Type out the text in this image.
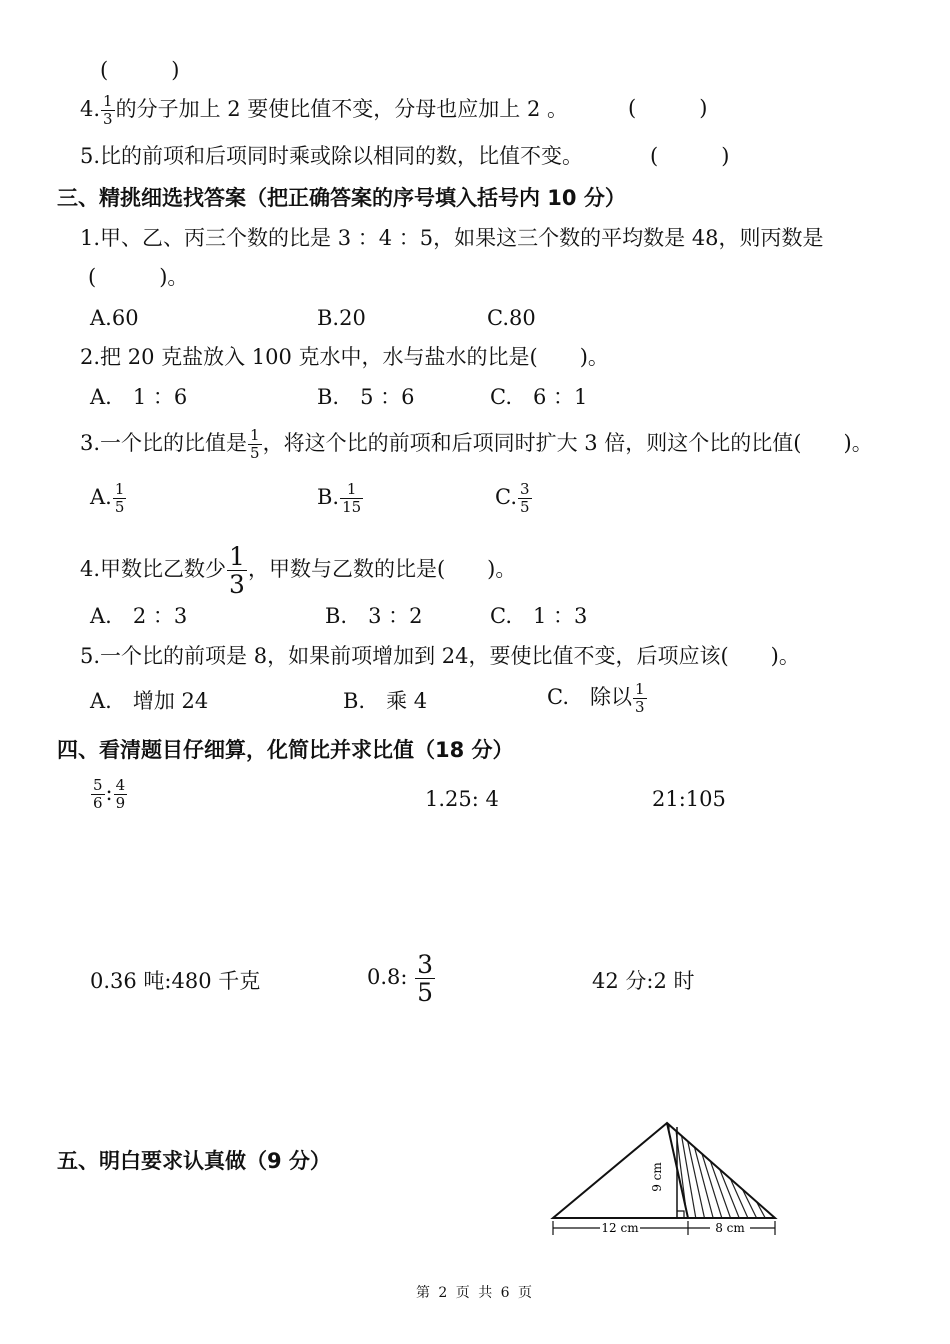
(　　　)
4. $\frac{1}{3}$ 的分子加上 2 要使比值不变，分母也应加上 2 。	(　　　)
5.比的前项和后项同时乘或除以相同的数，比值不变。	(　　　)
三、精挑细选找答案（把正确答案的序号填入括号内 10 分）
1.甲、乙、丙三个数的比是 3 ：4 ：5，如果这三个数的平均数是 48，则丙数是
(　　　)。
A.60	B.20	C.80
2.把 20 克盐放入 100 克水中，水与盐水的比是(　　)。
A.　1 ：6	B.　5 ：6	C.　6 ：1
3.一个比的比值是 $\frac{1}{5}$ ，将这个比的前项和后项同时扩大 3 倍，则这个比的比值(　　)。
A. $\frac{1}{5}$	B. $\frac{1}{15}$	C. $\frac{3}{5}$
4.甲数比乙数少 $\frac{1}{3}$ ，甲数与乙数的比是(　　)。
A.　2 ：3	B.　3 ：2	C.　1 ：3
5.一个比的前项是 8，如果前项增加到 24，要使比值不变，后项应该(　　)。
A.　增加 24	B.　乘 4	C.　除以 $\frac{1}{3}$
四、看清题目仔细算，化简比并求比值（18 分）
$\frac{5}{6}$ : $\frac{4}{9}$	1.25: 4	21:105
0.36 吨:480 千克	0.8: $\frac{3}{5}$	42 分:2 时
五、明白要求认真做（9 分）
9 cm
12 cm	8 cm
第 2 页 共 6 页
